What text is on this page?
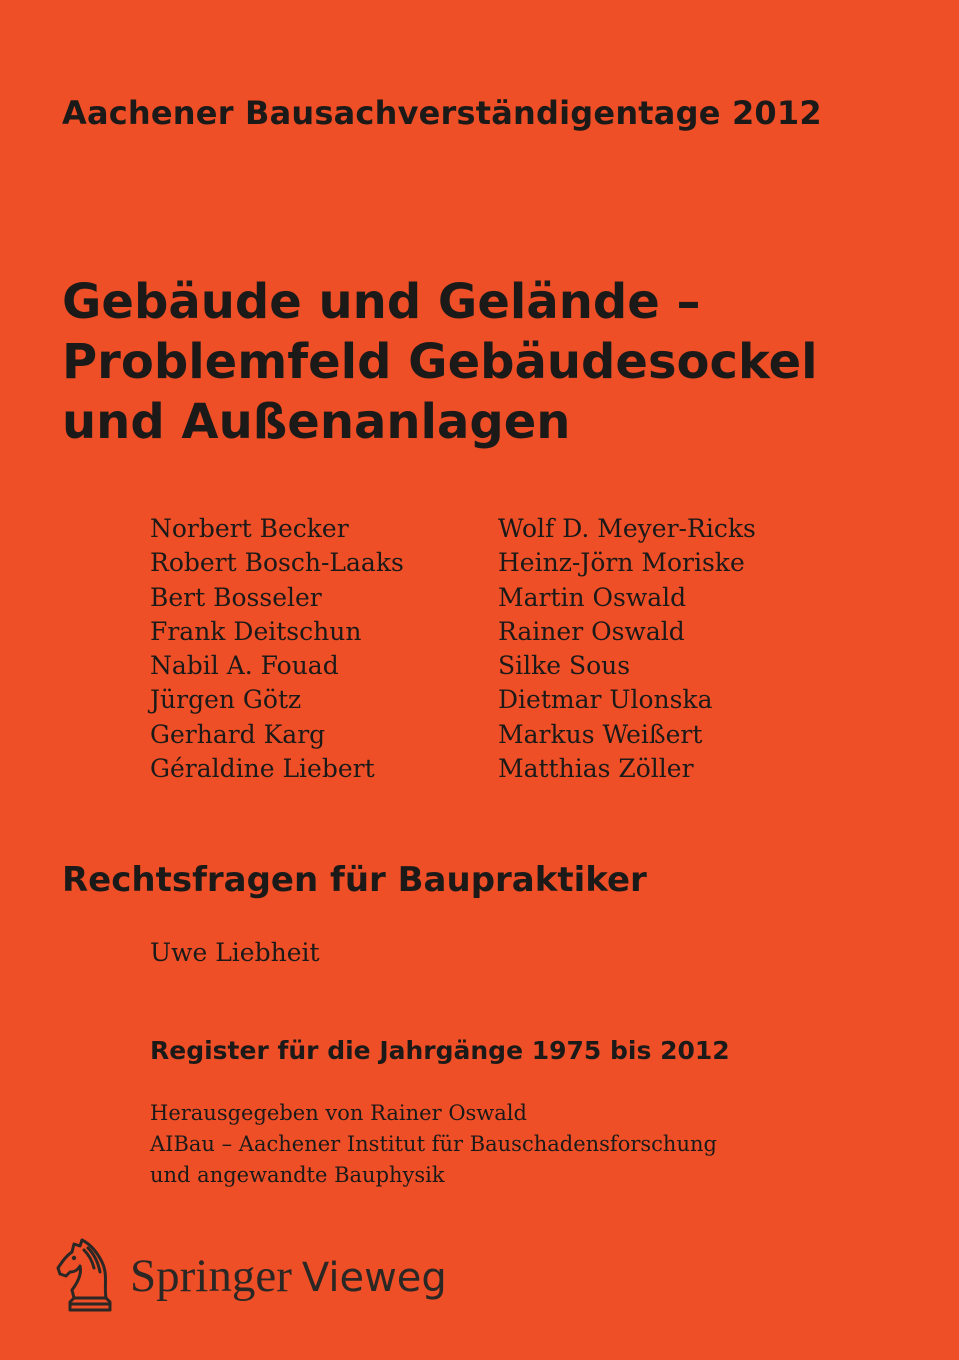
Aachener Bausachverständigentage 2012
Gebäude und Gelände –
Problemfeld Gebäudesockel
und Außenanlagen
Norbert Becker
Robert Bosch-Laaks
Bert Bosseler
Frank Deitschun
Nabil A. Fouad
Jürgen Götz
Gerhard Karg
Géraldine Liebert
Wolf D. Meyer-Ricks
Heinz-Jörn Moriske
Martin Oswald
Rainer Oswald
Silke Sous
Dietmar Ulonska
Markus Weißert
Matthias Zöller
Rechtsfragen für Baupraktiker
Uwe Liebheit
Register für die Jahrgänge 1975 bis 2012
Herausgegeben von Rainer Oswald
AIBau – Aachener Institut für Bauschadensforschung
und angewandte Bauphysik
Springer Vieweg
